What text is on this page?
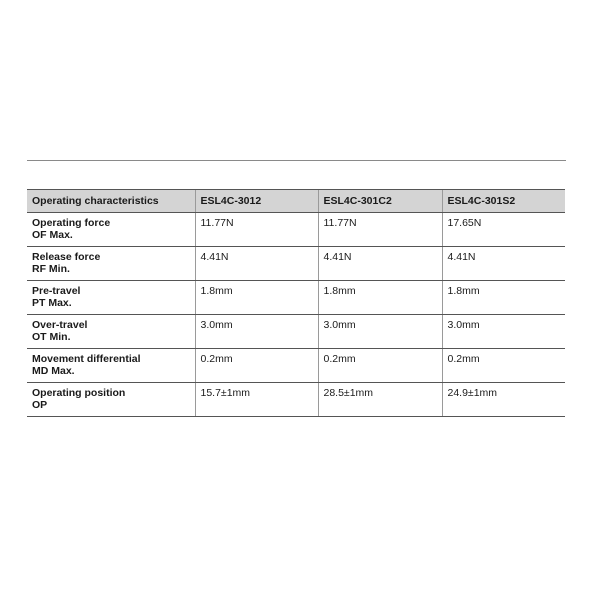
Operating characteristics	ESL4C-3012	ESL4C-301C2	ESL4C-301S2

Operating force
OF Max.	11.77N	11.77N	17.65N

Release force
RF Min.	4.41N	4.41N	4.41N

Pre-travel
PT Max.	1.8mm	1.8mm	1.8mm

Over-travel
OT Min.	3.0mm	3.0mm	3.0mm

Movement differential
MD Max.	0.2mm	0.2mm	0.2mm

Operating position
OP	15.7±1mm	28.5±1mm	24.9±1mm
